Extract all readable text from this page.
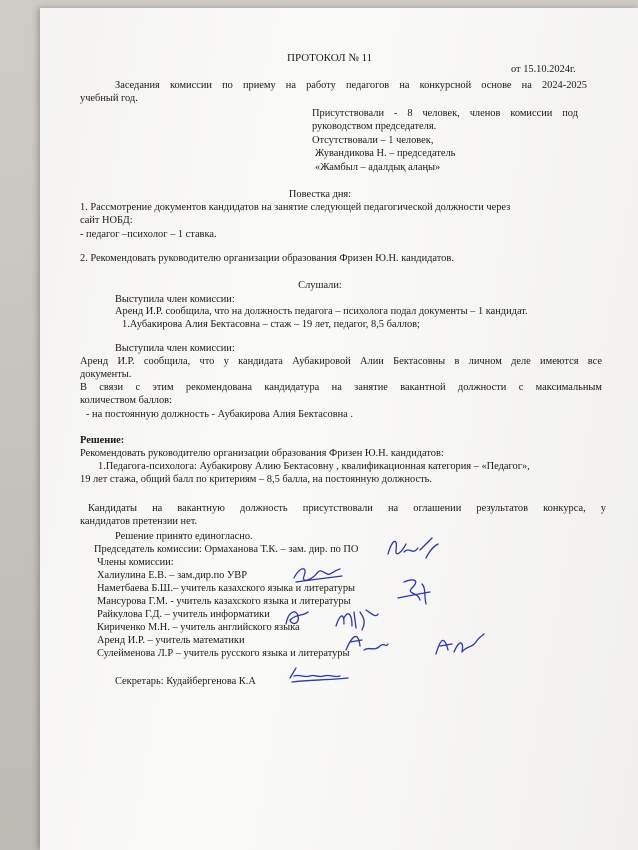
ПРОТОКОЛ № 11
от 15.10.2024г.
Заседания комиссии по приему на работу педагогов на конкурсной основе на 2024-2025
учебный год.
Присутствовали - 8 человек, членов комиссии под
руководством председателя.
Отсутствовали – 1 человек,
Жувандикова Н. – председатель
«Жамбыл – адалдық алаңы»
Повестка дня:
1. Рассмотрение документов кандидатов на занятие следующей педагогической должности через
сайт НОБД:
- педагог –психолог – 1 ставка.
2. Рекомендовать руководителю организации образования Фризен Ю.Н. кандидатов.
Слушали:
Выступила член комиссии:
Аренд И.Р. сообщила, что на должность педагога – психолога подал документы – 1 кандидат.
1.Аубакирова Алия Бектасовна – стаж – 19 лет, педагог, 8,5 баллов;
Выступила член комиссии:
Аренд И.Р. сообщила, что у кандидата Аубакировой Алии Бектасовны в личном деле имеются все
документы.
В связи с этим рекомендована кандидатура на занятие вакантной должности с максимальным
количеством баллов:
- на постоянную должность - Аубакирова Алия Бектасовна .
Решение:
Рекомендовать руководителю организации образования Фризен Ю.Н. кандидатов:
1.Педагога-психолога: Аубакирову Алию Бектасовну , квалификационная категория – «Педагог»,
19 лет стажа, общий балл по критериям – 8,5 балла, на постоянную должность.
Кандидаты на вакантную должность присутствовали на оглашении результатов конкурса, у
кандидатов претензии нет.
Решение принято единогласно.
Председатель комиссии: Ормаханова Т.К. – зам. дир. по ПО
Члены комиссии:
Халиулина Е.В. – зам.дир.по УВР
Наметбаева Б.Ш.– учитель казахского языка и литературы
Мансурова Г.М. - учитель казахского языка и литературы
Райкулова Г.Д. – учитель информатики
Кириченко М.Н. – учитель английского языка
Аренд И.Р. – учитель математики
Сулейменова Л.Р – учитель русского языка и литературы
Секретарь: Кудайбергенова К.А
